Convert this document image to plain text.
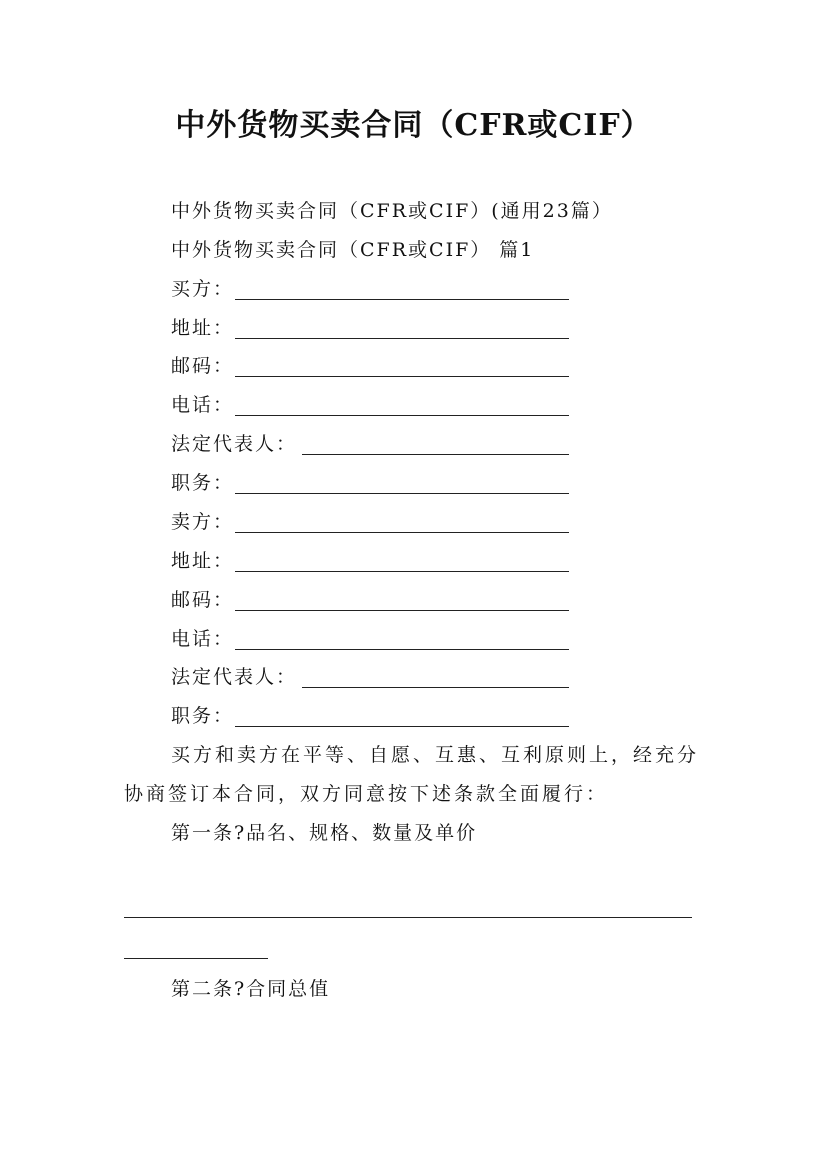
中外货物买卖合同（CFR或CIF）
中外货物买卖合同（CFR或CIF）(通用23篇）
中外货物买卖合同（CFR或CIF） 篇1
买方：
地址：
邮码：
电话：
法定代表人：
职务：
卖方：
地址：
邮码：
电话：
法定代表人：
职务：
买方和卖方在平等、自愿、互惠、互利原则上，经充分
协商签订本合同，双方同意按下述条款全面履行：
第一条?品名、规格、数量及单价
第二条?合同总值
